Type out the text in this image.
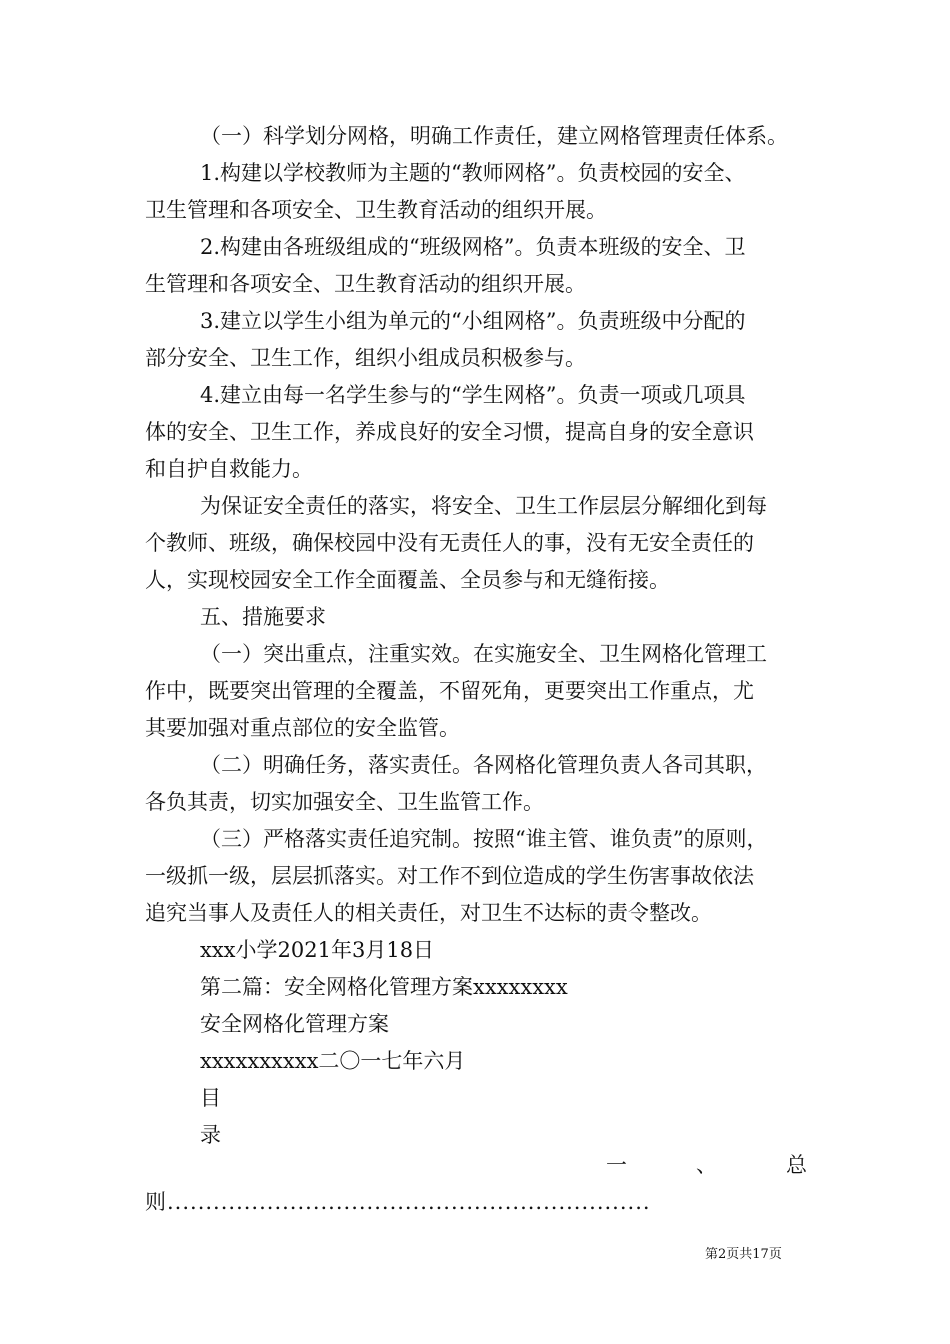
（一）科学划分网格，明确工作责任，建立网格管理责任体系。
1.构建以学校教师为主题的“教师网格”。负责校园的安全、
卫生管理和各项安全、卫生教育活动的组织开展。
2.构建由各班级组成的“班级网格”。负责本班级的安全、卫
生管理和各项安全、卫生教育活动的组织开展。
3.建立以学生小组为单元的“小组网格”。负责班级中分配的
部分安全、卫生工作，组织小组成员积极参与。
4.建立由每一名学生参与的“学生网格”。负责一项或几项具
体的安全、卫生工作，养成良好的安全习惯，提高自身的安全意识
和自护自救能力。
为保证安全责任的落实，将安全、卫生工作层层分解细化到每
个教师、班级，确保校园中没有无责任人的事，没有无安全责任的
人，实现校园安全工作全面覆盖、全员参与和无缝衔接。
五、措施要求
（一）突出重点，注重实效。在实施安全、卫生网格化管理工
作中，既要突出管理的全覆盖，不留死角，更要突出工作重点，尤
其要加强对重点部位的安全监管。
（二）明确任务，落实责任。各网格化管理负责人各司其职，
各负其责，切实加强安全、卫生监管工作。
（三）严格落实责任追究制。按照“谁主管、谁负责”的原则，
一级抓一级，层层抓落实。对工作不到位造成的学生伤害事故依法
追究当事人及责任人的相关责任，对卫生不达标的责令整改。
xxx小学2021年3月18日
第二篇：安全网格化管理方案xxxxxxxx
安全网格化管理方案
xxxxxxxxxx二〇一七年六月
目
录
一	、	总
则...............................................................
第2页共17页
